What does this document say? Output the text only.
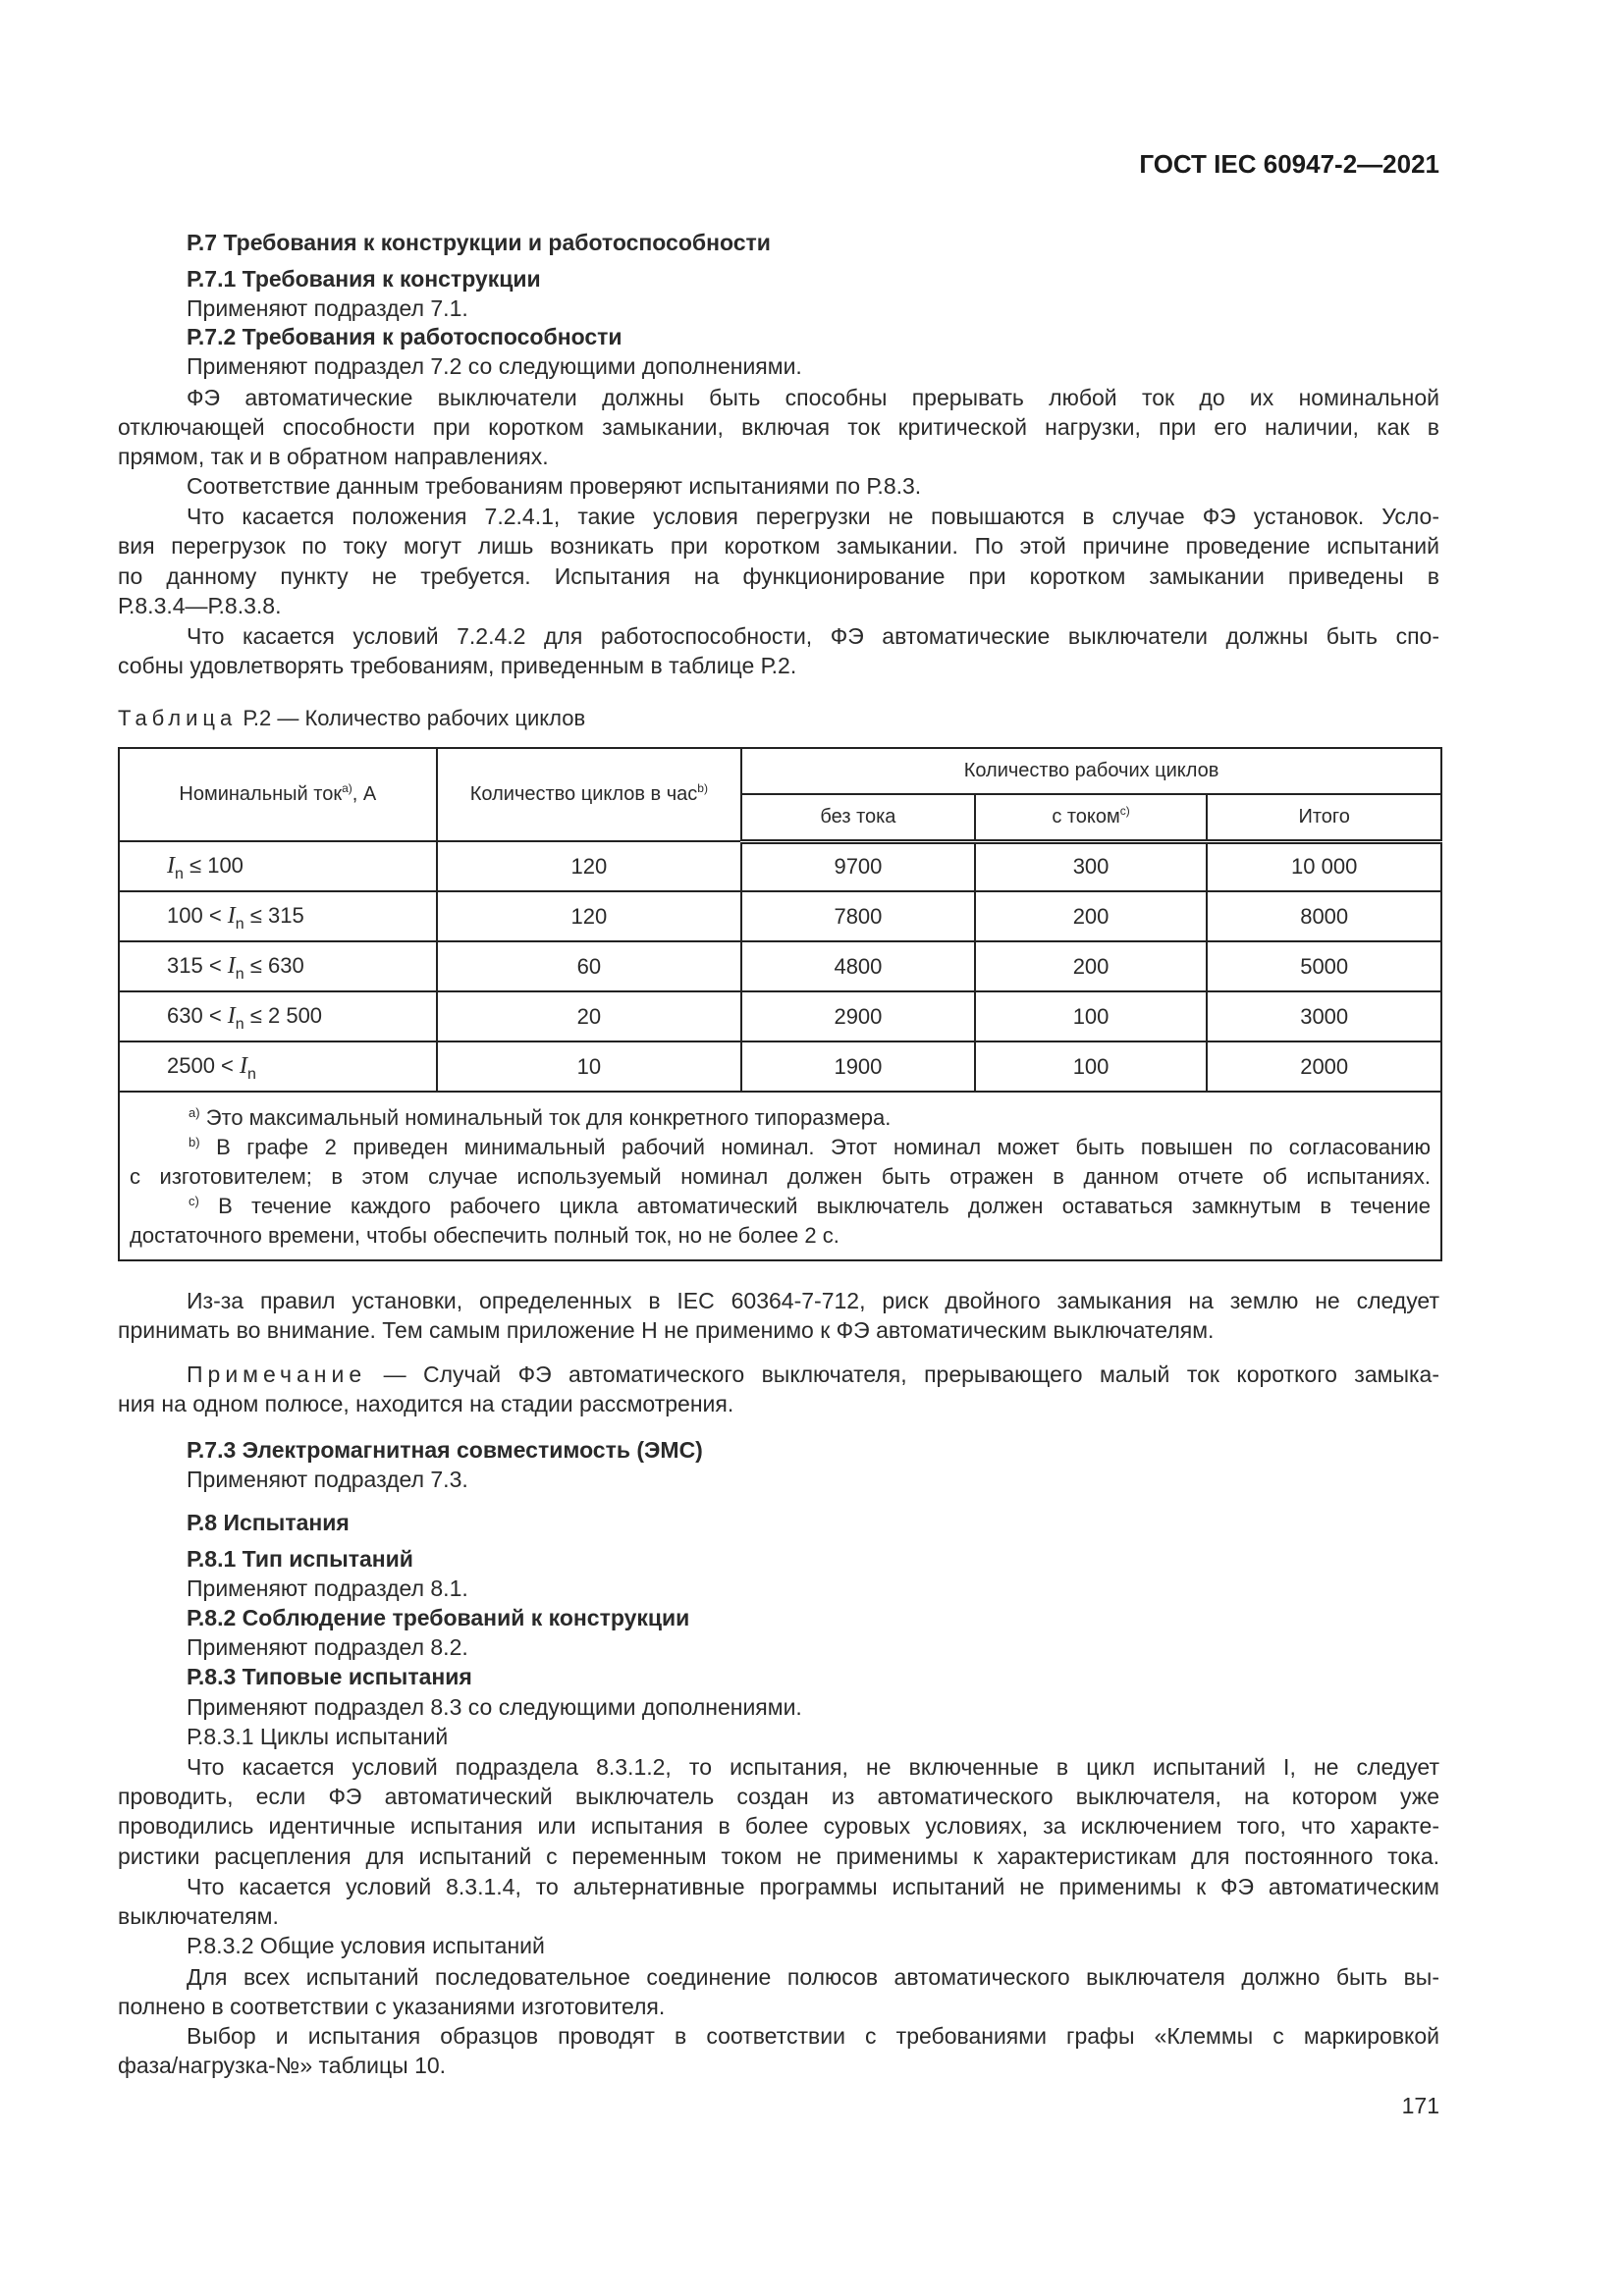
ГОСТ IEC 60947-2—2021
Р.7 Требования к конструкции и работоспособности
Р.7.1 Требования к конструкции
Применяют подраздел 7.1.
Р.7.2 Требования к работоспособности
Применяют подраздел 7.2 со следующими дополнениями.
ФЭ автоматические выключатели должны быть способны прерывать любой ток до их номинальной
отключающей способности при коротком замыкании, включая ток критической нагрузки, при его наличии, как в
прямом, так и в обратном направлениях.
Соответствие данным требованиям проверяют испытаниями по Р.8.3.
Что касается положения 7.2.4.1, такие условия перегрузки не повышаются в случае ФЭ установок. Усло-
вия перегрузок по току могут лишь возникать при коротком замыкании. По этой причине проведение испытаний
по данному пункту не требуется. Испытания на функционирование при коротком замыкании приведены в
Р.8.3.4—Р.8.3.8.
Что касается условий 7.2.4.2 для работоспособности, ФЭ автоматические выключатели должны быть спо-
собны удовлетворять требованиям, приведенным в таблице Р.2.
Таблица Р.2 — Количество рабочих циклов
Номинальный ток$^{a)}$, А	Количество циклов в час$^{b)}$	Количество рабочих циклов		
		без тока	с током$^{c)}$	Итого
$I_n \le 100$	120	9700	300	10 000
$100 < I_n \le 315$	120	7800	200	8000
$315 < I_n \le 630$	60	4800	200	5000
$630 < I_n \le 2$ 500	20	2900	100	3000
$2500 < I_n$	10	1900	100	2000

$^{a)}$ Это максимальный номинальный ток для конкретного типоразмера.
$^{b)}$ В графе 2 приведен минимальный рабочий номинал. Этот номинал может быть повышен по согласованию
с изготовителем; в этом случае используемый номинал должен быть отражен в данном отчете об испытаниях.
$^{c)}$ В течение каждого рабочего цикла автоматический выключатель должен оставаться замкнутым в течение
достаточного времени, чтобы обеспечить полный ток, но не более 2 с.				
Из-за правил установки, определенных в IEC 60364-7-712, риск двойного замыкания на землю не следует
принимать во внимание. Тем самым приложение Н не применимо к ФЭ автоматическим выключателям.
Примечание — Случай ФЭ автоматического выключателя, прерывающего малый ток короткого замыка-
ния на одном полюсе, находится на стадии рассмотрения.
Р.7.3 Электромагнитная совместимость (ЭМС)
Применяют подраздел 7.3.
Р.8 Испытания
Р.8.1 Тип испытаний
Применяют подраздел 8.1.
Р.8.2 Соблюдение требований к конструкции
Применяют подраздел 8.2.
Р.8.3 Типовые испытания
Применяют подраздел 8.3 со следующими дополнениями.
Р.8.3.1 Циклы испытаний
Что касается условий подраздела 8.3.1.2, то испытания, не включенные в цикл испытаний I, не следует
проводить, если ФЭ автоматический выключатель создан из автоматического выключателя, на котором уже
проводились идентичные испытания или испытания в более суровых условиях, за исключением того, что характе-
ристики расцепления для испытаний с переменным током не применимы к характеристикам для постоянного тока.
Что касается условий 8.3.1.4, то альтернативные программы испытаний не применимы к ФЭ автоматическим
выключателям.
Р.8.3.2 Общие условия испытаний
Для всех испытаний последовательное соединение полюсов автоматического выключателя должно быть вы-
полнено в соответствии с указаниями изготовителя.
Выбор и испытания образцов проводят в соответствии с требованиями графы «Клеммы с маркировкой
фаза/нагрузка-№» таблицы 10.
171
